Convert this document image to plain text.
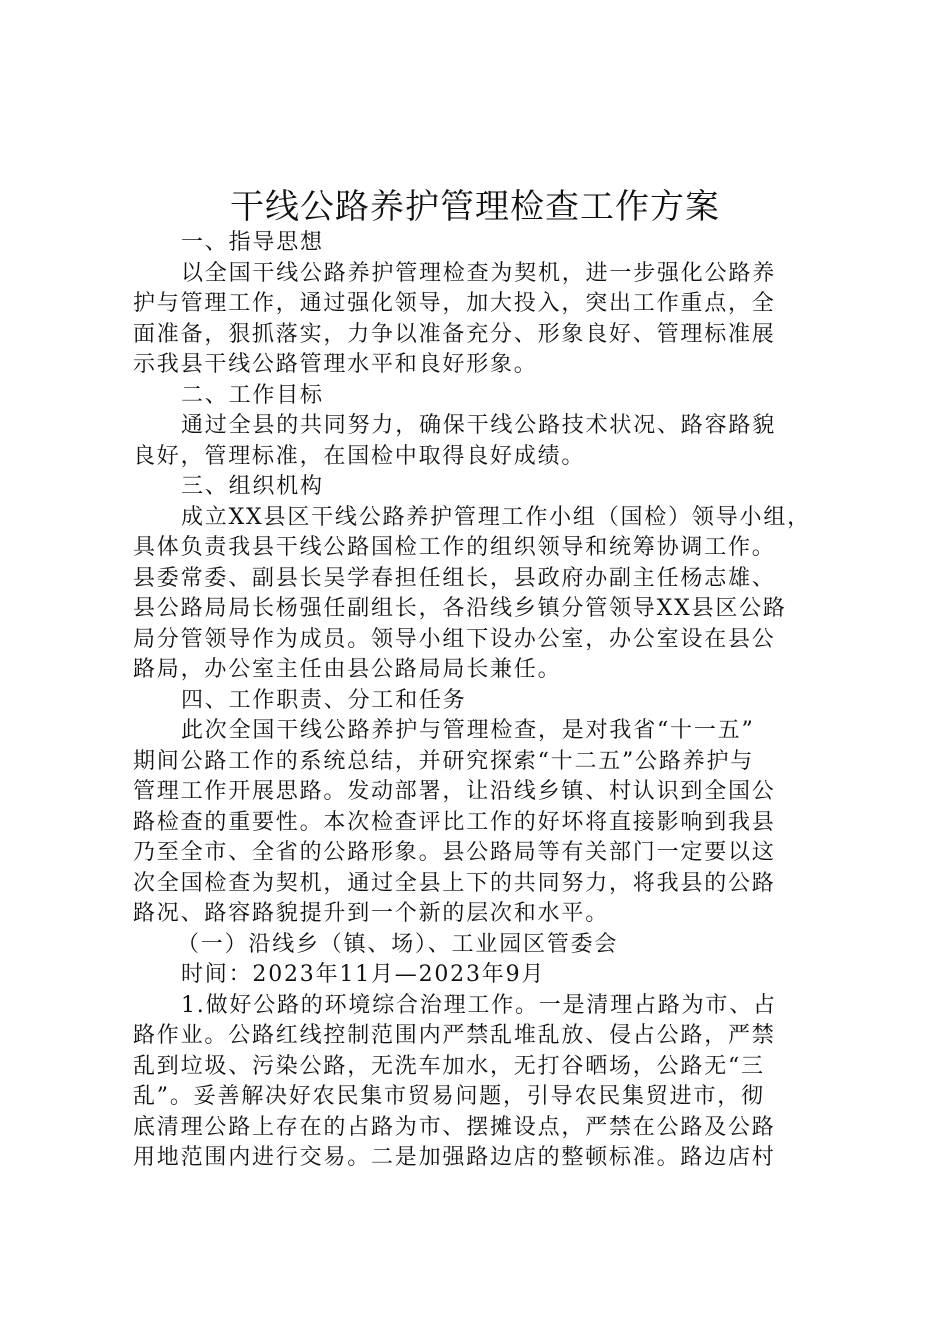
干线公路养护管理检查工作方案
一、指导思想
以全国干线公路养护管理检查为契机，进一步强化公路养
护与管理工作，通过强化领导，加大投入，突出工作重点，全
面准备，狠抓落实，力争以准备充分、形象良好、管理标准展
示我县干线公路管理水平和良好形象。
二、工作目标
通过全县的共同努力，确保干线公路技术状况、路容路貌
良好，管理标准，在国检中取得良好成绩。
三、组织机构
成立XX县区干线公路养护管理工作小组（国检）领导小组，
具体负责我县干线公路国检工作的组织领导和统筹协调工作。
县委常委、副县长吴学春担任组长，县政府办副主任杨志雄、
县公路局局长杨强任副组长，各沿线乡镇分管领导XX县区公路
局分管领导作为成员。领导小组下设办公室，办公室设在县公
路局，办公室主任由县公路局局长兼任。
四、工作职责、分工和任务
此次全国干线公路养护与管理检查，是对我省“十一五”
期间公路工作的系统总结，并研究探索“十二五”公路养护与
管理工作开展思路。发动部署，让沿线乡镇、村认识到全国公
路检查的重要性。本次检查评比工作的好坏将直接影响到我县
乃至全市、全省的公路形象。县公路局等有关部门一定要以这
次全国检查为契机，通过全县上下的共同努力，将我县的公路
路况、路容路貌提升到一个新的层次和水平。
（一）沿线乡（镇、场）、工业园区管委会
时间：2023年11月—2023年9月
1.做好公路的环境综合治理工作。一是清理占路为市、占
路作业。公路红线控制范围内严禁乱堆乱放、侵占公路，严禁
乱到垃圾、污染公路，无洗车加水，无打谷晒场，公路无“三
乱”。妥善解决好农民集市贸易问题，引导农民集贸进市，彻
底清理公路上存在的占路为市、摆摊设点，严禁在公路及公路
用地范围内进行交易。二是加强路边店的整顿标准。路边店村
